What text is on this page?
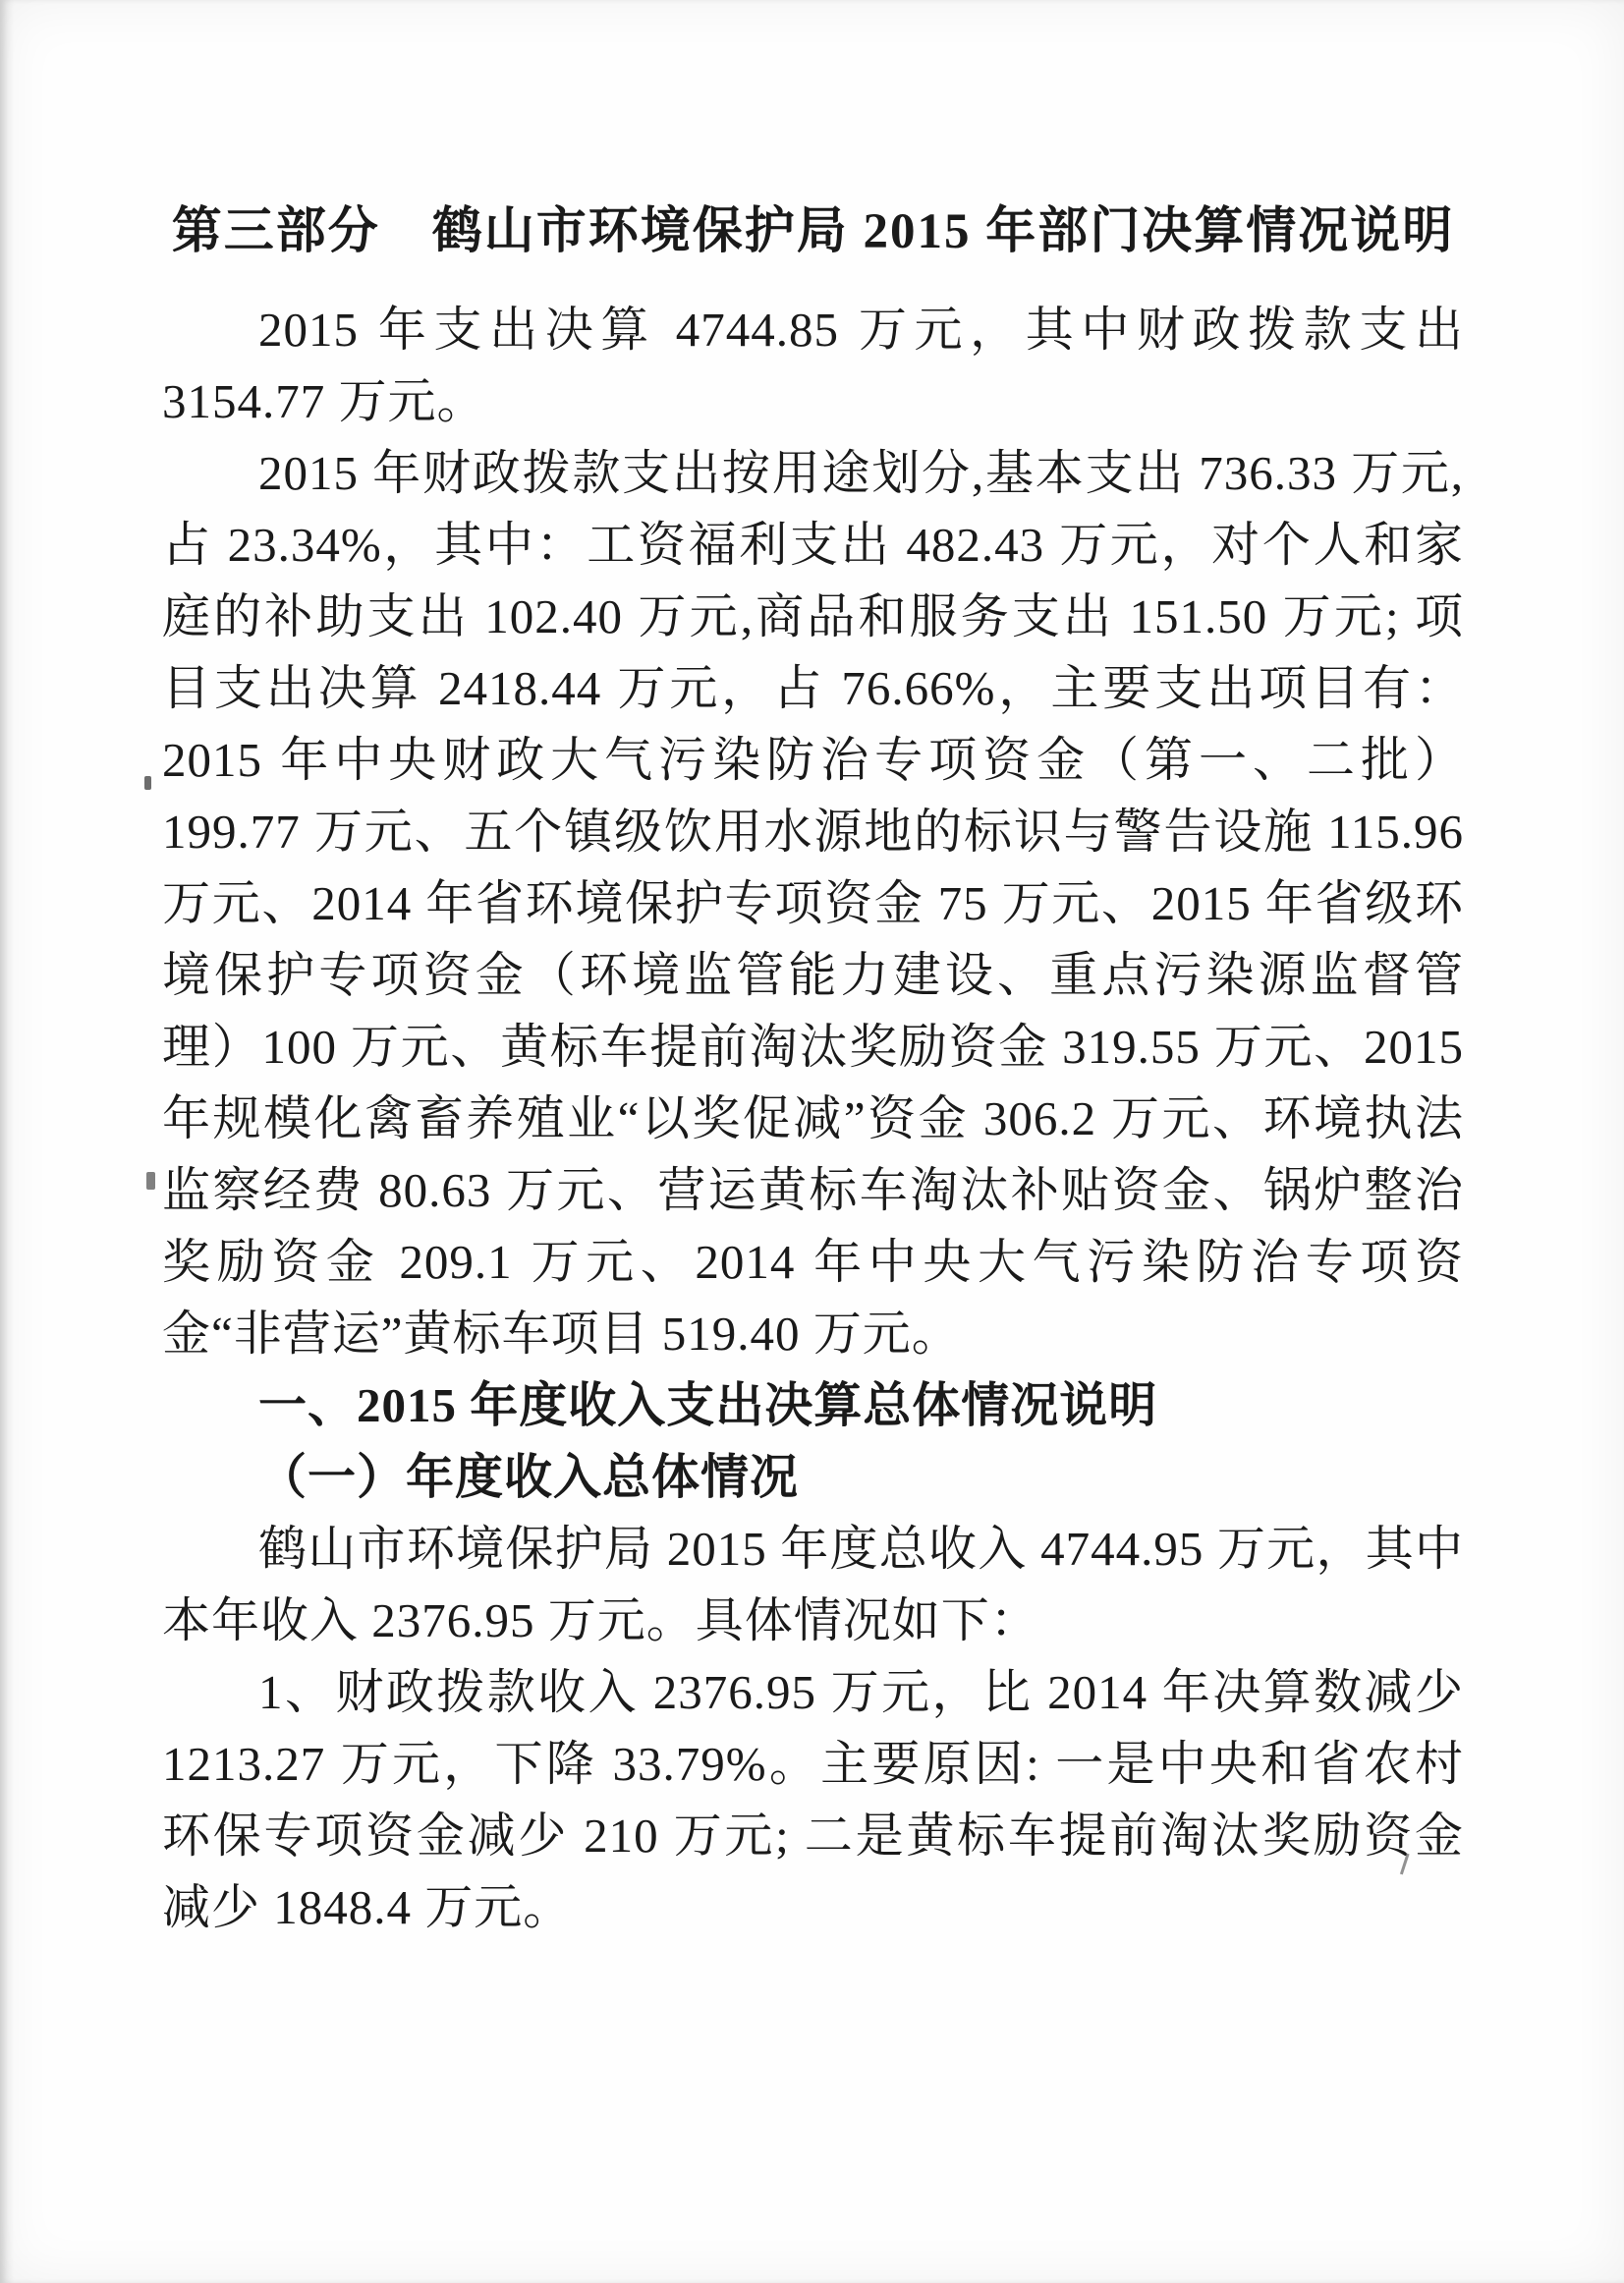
第三部分　鹤山市环境保护局 2015 年部门决算情况说明

2015 年支出决算 4744.85 万元，其中财政拨款支出 3154.77 万元。

2015 年财政拨款支出按用途划分,基本支出 736.33 万元,占 23.34%，其中：工资福利支出 482.43 万元，对个人和家庭的补助支出 102.40 万元,商品和服务支出 151.50 万元; 项目支出决算 2418.44 万元，占 76.66%，主要支出项目有： 2015 年中央财政大气污染防治专项资金（第一、二批）199.77 万元、五个镇级饮用水源地的标识与警告设施 115.96 万元、2014 年省环境保护专项资金 75 万元、2015 年省级环境保护专项资金（环境监管能力建设、重点污染源监督管理）100 万元、黄标车提前淘汰奖励资金 319.55 万元、2015 年规模化禽畜养殖业“以奖促减”资金 306.2 万元、环境执法监察经费 80.63 万元、营运黄标车淘汰补贴资金、锅炉整治奖励资金 209.1 万元、2014 年中央大气污染防治专项资金“非营运”黄标车项目 519.40 万元。

一、2015 年度收入支出决算总体情况说明

（一）年度收入总体情况

鹤山市环境保护局 2015 年度总收入 4744.95 万元，其中本年收入 2376.95 万元。具体情况如下：

1、财政拨款收入 2376.95 万元，比 2014 年决算数减少 1213.27 万元，下降 33.79%。主要原因: 一是中央和省农村环保专项资金减少 210 万元; 二是黄标车提前淘汰奖励资金减少 1848.4 万元。
